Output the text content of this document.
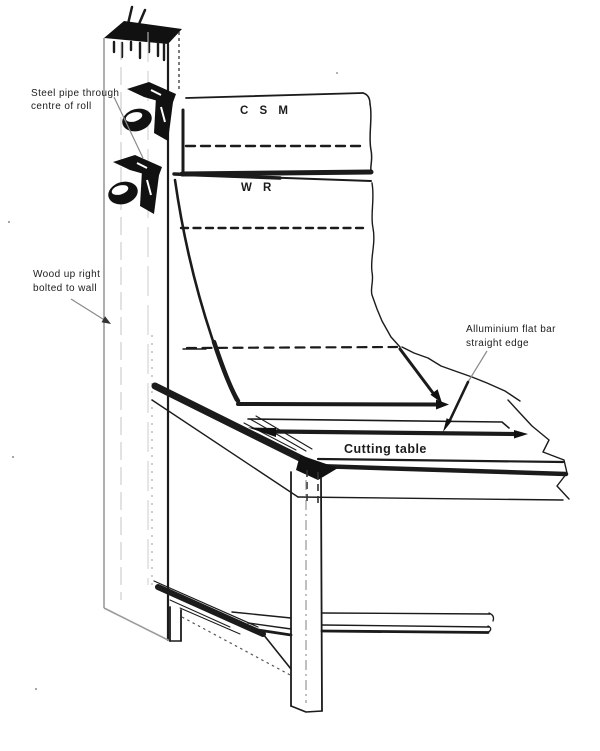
C S M
W R
Cutting table
Steel pipe through
centre of roll
Wood up right
bolted to wall
Alluminium flat bar
straight edge
